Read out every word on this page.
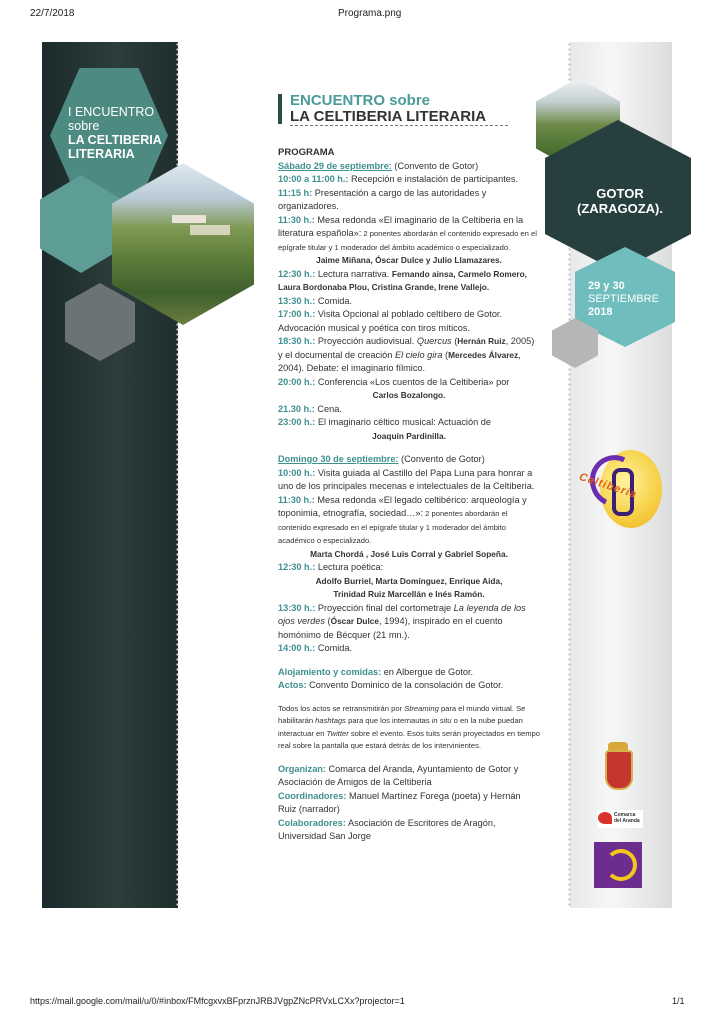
22/7/2018	Programa.png
https://mail.google.com/mail/u/0/#inbox/FMfcgxvxBFprznJRBJVgpZNcPRVxLCXx?projector=1	1/1
I ENCUENTRO
sobre
LA CELTIBERIA
LITERARIA
GOTOR
(ZARAGOZA).
29 y 30
SEPTIEMBRE
2018
Celtiberia
Comarca
del Aranda
ENCUENTRO sobre
LA CELTIBERIA LITERARIA

PROGRAMA

Sábado 29 de septiembre: (Convento de Gotor)

10:00 a 11:00 h.: Recepción e instalación de participantes.

11:15 h: Presentación a cargo de las autoridades y organizadores.

11:30 h.: Mesa redonda «El imaginario de la Celtiberia en la literatura española»: 2 ponentes abordarán el contenido expresado en el epígrafe titular y 1 moderador del ámbito académico o especializado.

Jaime Miñana, Óscar Dulce y Julio Llamazares.

12:30 h.: Lectura narrativa. Fernando ainsa, Carmelo Romero, Laura Bordonaba Plou, Cristina Grande, Irene Vallejo.

13:30 h.: Comida.

17:00 h.: Visita Opcional al poblado celtíbero de Gotor. Advocación musical y poética con tiros míticos.

18:30 h.: Proyección audiovisual. Quercus (Hernán Ruiz, 2005) y el documental de creación El cielo gira (Mercedes Álvarez, 2004). Debate: el imaginario fílmico.

20:00 h.: Conferencia «Los cuentos de la Celtiberia» por

Carlos Bozalongo.

21.30 h.: Cena.

23:00 h.: El imaginario céltico musical: Actuación de

Joaquín Pardinilla.

Domingo 30 de septiembre: (Convento de Gotor)

10:00 h.: Visita guiada al Castillo del Papa Luna para honrar a uno de los principales mecenas e intelectuales de la Celtiberia.

11:30 h.: Mesa redonda «El legado celtibérico: arqueología y toponimia, etnografía, sociedad…»: 2 ponentes abordarán el contenido expresado en el epígrafe titular y 1 moderador del ámbito académico o especializado.

Marta Chordá , José Luis Corral y Gabriel Sopeña.

12:30 h.: Lectura poética:

Adolfo Burriel, Marta Domínguez, Enrique Aida,

Trinidad Ruiz Marcellán e Inés Ramón.

13:30 h.: Proyección final del cortometraje La leyenda de los ojos verdes (Óscar Dulce, 1994), inspirado en el cuento homónimo de Bécquer (21 mn.).

14:00 h.: Comida.

Alojamiento y comidas: en Albergue de Gotor.

Actos: Convento Dominico de la consolación de Gotor.

Todos los actos se retransmitirán por Streaming para el mundo virtual. Se habilitarán hashtags para que los internautas in situ o en la nube puedan interactuar en Twitter sobre el evento. Esos tuits serán proyectados en tiempo real sobre la pantalla que estará detrás de los intervinientes.

Organizan: Comarca del Aranda, Ayuntamiento de Gotor y Asociación de Amigos de la Celtiberia

Coordinadores: Manuel Martínez Forega (poeta) y Hernán Ruiz (narrador)

Colaboradores: Asociación de Escritores de Aragón, Universidad San Jorge
